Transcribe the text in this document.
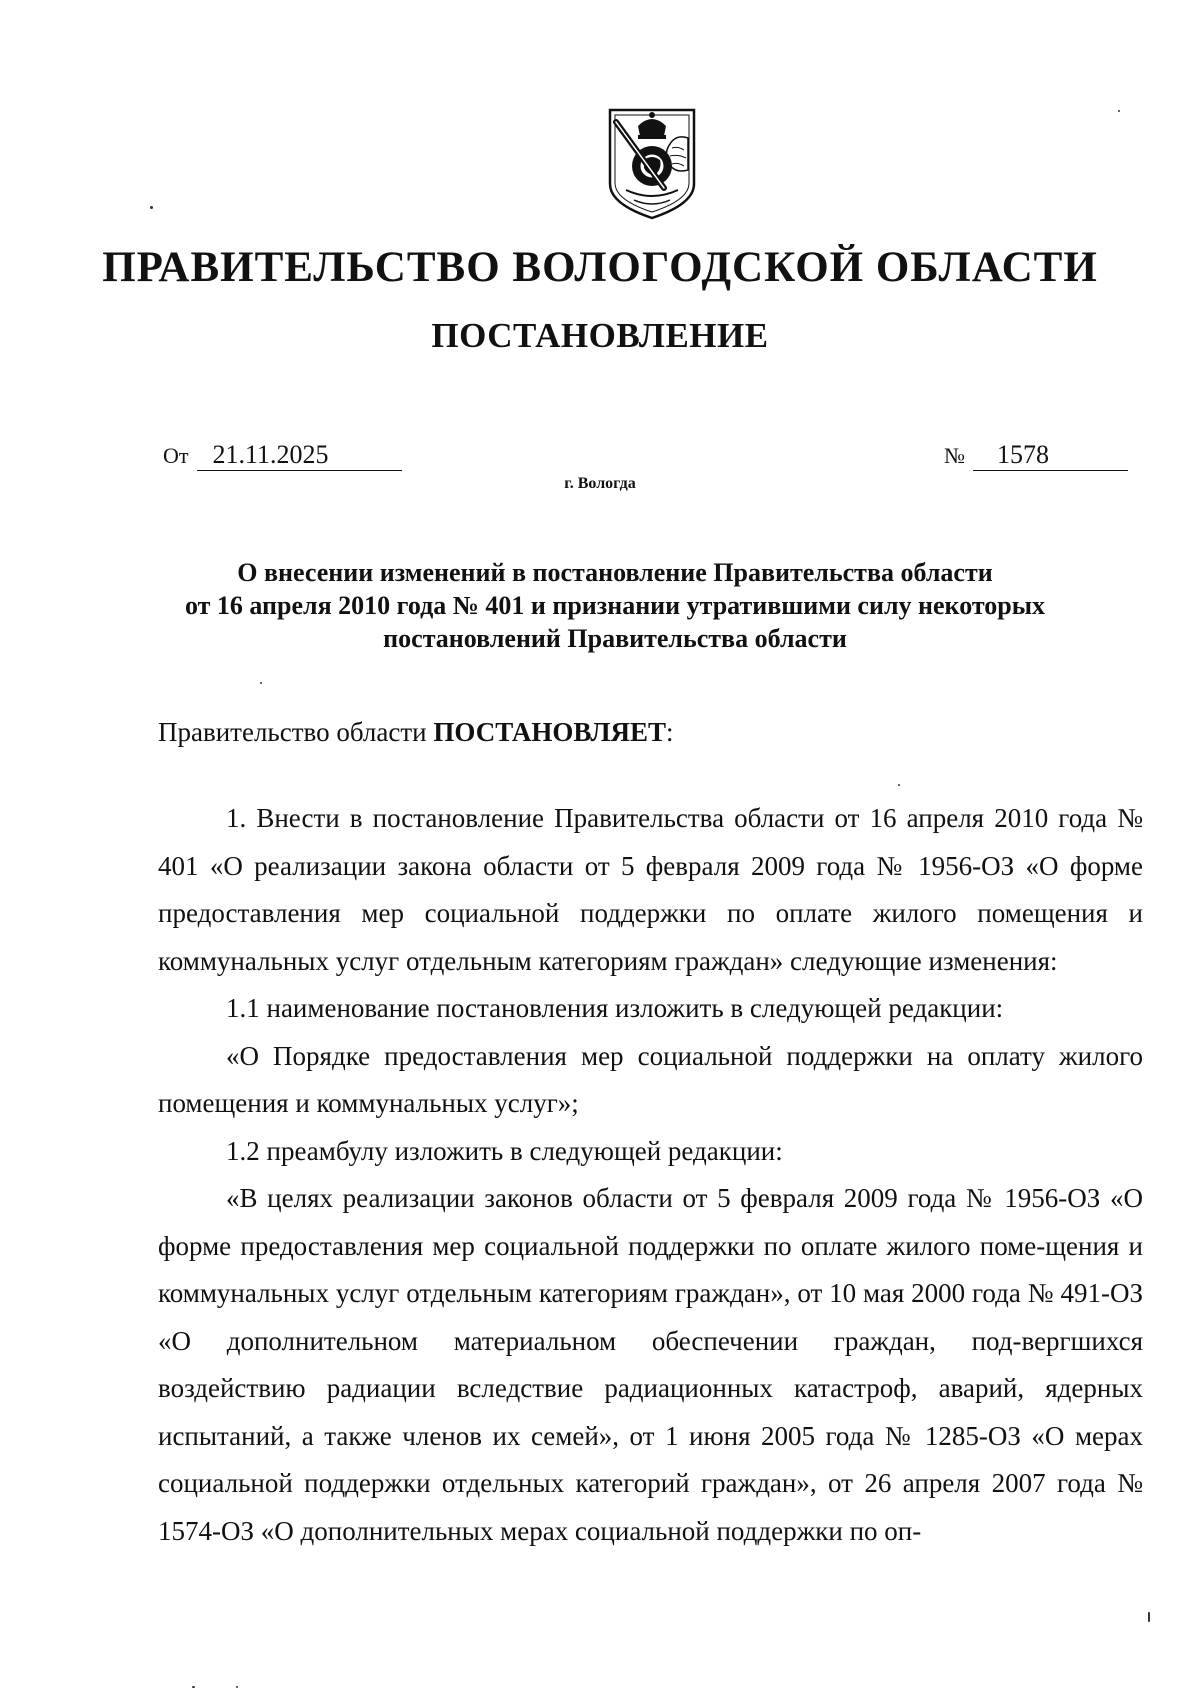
ПРАВИТЕЛЬСТВО ВОЛОГОДСКОЙ ОБЛАСТИ
ПОСТАНОВЛЕНИЕ
От 21.11.2025	№ 1578
г. Вологда
О внесении изменений в постановление Правительства области
от 16 апреля 2010 года № 401 и признании утратившими силу некоторых
постановлений Правительства области
Правительство области ПОСТАНОВЛЯЕТ:

1. Внести в постановление Правительства области от 16 апреля 2010 года № 401 «О реализации закона области от 5 февраля 2009 года № 1956-ОЗ «О форме предоставления мер социальной поддержки по оплате жилого помещения и коммунальных услуг отдельным категориям граждан» следующие изменения:

1.1 наименование постановления изложить в следующей редакции:

«О Порядке предоставления мер социальной поддержки на оплату жилого помещения и коммунальных услуг»;

1.2 преамбулу изложить в следующей редакции:

«В целях реализации законов области от 5 февраля 2009 года № 1956-ОЗ «О форме предоставления мер социальной поддержки по оплате жилого поме-щения и коммунальных услуг отдельным категориям граждан», от 10 мая 2000 года № 491-ОЗ «О дополнительном материальном обеспечении граждан, под-вергшихся воздействию радиации вследствие радиационных катастроф, аварий, ядерных испытаний, а также членов их семей», от 1 июня 2005 года № 1285-ОЗ «О мерах социальной поддержки отдельных категорий граждан», от 26 апреля 2007 года № 1574-ОЗ «О дополнительных мерах социальной поддержки по оп-
